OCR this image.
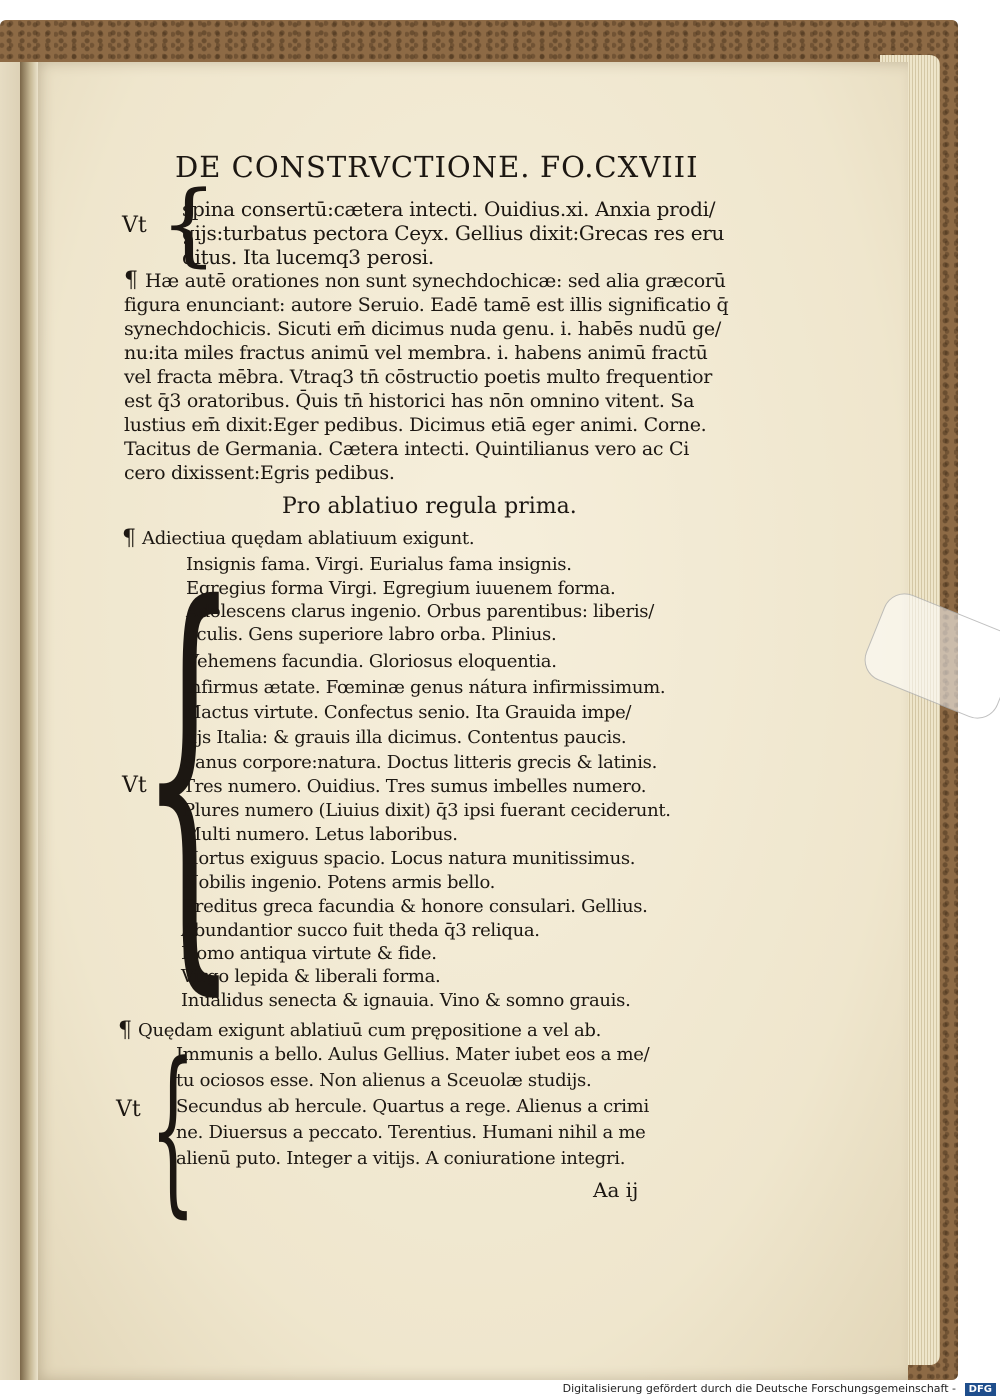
DE CONSTRVCTIONE. FO.CXVIII
Vt {
spina consertū:cætera intecti. Ouidius.xi. Anxia prodi/
gijs:turbatus pectora Ceyx. Gellius dixit:Grecas res eru
ditus. Ita lucemq3 perosi.
¶ Hæ autē orationes non sunt synechdochicæ: sed alia græcorū
figura enunciant: autore Seruio. Eadē tamē est illis significatio q̄
synechdochicis. Sicuti em̄ dicimus nuda genu. i. habēs nudū ge/
nu:ita miles fractus animū vel membra. i. habens animū fractū
vel fracta mēbra. Vtraq3 tn̄ cōstructio poetis multo frequentior
est q̄3 oratoribus. Q̄uis tn̄ historici has nōn omnino vitent. Sa
lustius em̄ dixit:Eger pedibus. Dicimus etiā eger animi. Corne.
Tacitus de Germania. Cætera intecti. Quintilianus vero ac Ci
cero dixissent:Egris pedibus.
Pro ablatiuo regula prima.
¶ Adiectiua quędam ablatiuum exigunt.
Vt
{
Insignis fama. Virgi. Eurialus fama insignis.
Egregius forma Virgi. Egregium iuuenem forma.
Adolescens clarus ingenio. Orbus parentibus: liberis/
oculis. Gens superiore labro orba. Plinius.
Vehemens facundia. Gloriosus eloquentia.
Infirmus ætate. Fœminæ genus nátura infirmissimum.
Mactus virtute. Confectus senio. Ita Grauida impe/
rijs Italia: & grauis illa dicimus. Contentus paucis.
Sanus corpore:natura. Doctus litteris grecis & latinis.
Tres numero. Ouidius. Tres sumus imbelles numero.
Plures numero (Liuius dixit) q̄3 ipsi fuerant ceciderunt.
Multi numero. Letus laboribus.
Hortus exiguus spacio. Locus natura munitissimus.
Nobilis ingenio. Potens armis bello.
Preditus greca facundia & honore consulari. Gellius.
Abundantior succo fuit theda q̄3 reliqua.
Homo antiqua virtute & fide.
Virgo lepida & liberali forma.
Inualidus senecta & ignauia. Vino & somno grauis.
¶ Quędam exigunt ablatiuū cum prępositione a vel ab.
Vt {
Immunis a bello. Aulus Gellius. Mater iubet eos a me/
tu ociosos esse. Non alienus a Sceuolæ studijs.
Secundus ab hercule. Quartus a rege. Alienus a crimi
ne. Diuersus a peccato. Terentius. Humani nihil a me
alienū puto. Integer a vitijs. A coniuratione integri.
Aa ij
Digitalisierung gefördert durch die Deutsche Forschungsgemeinschaft -	DFG
